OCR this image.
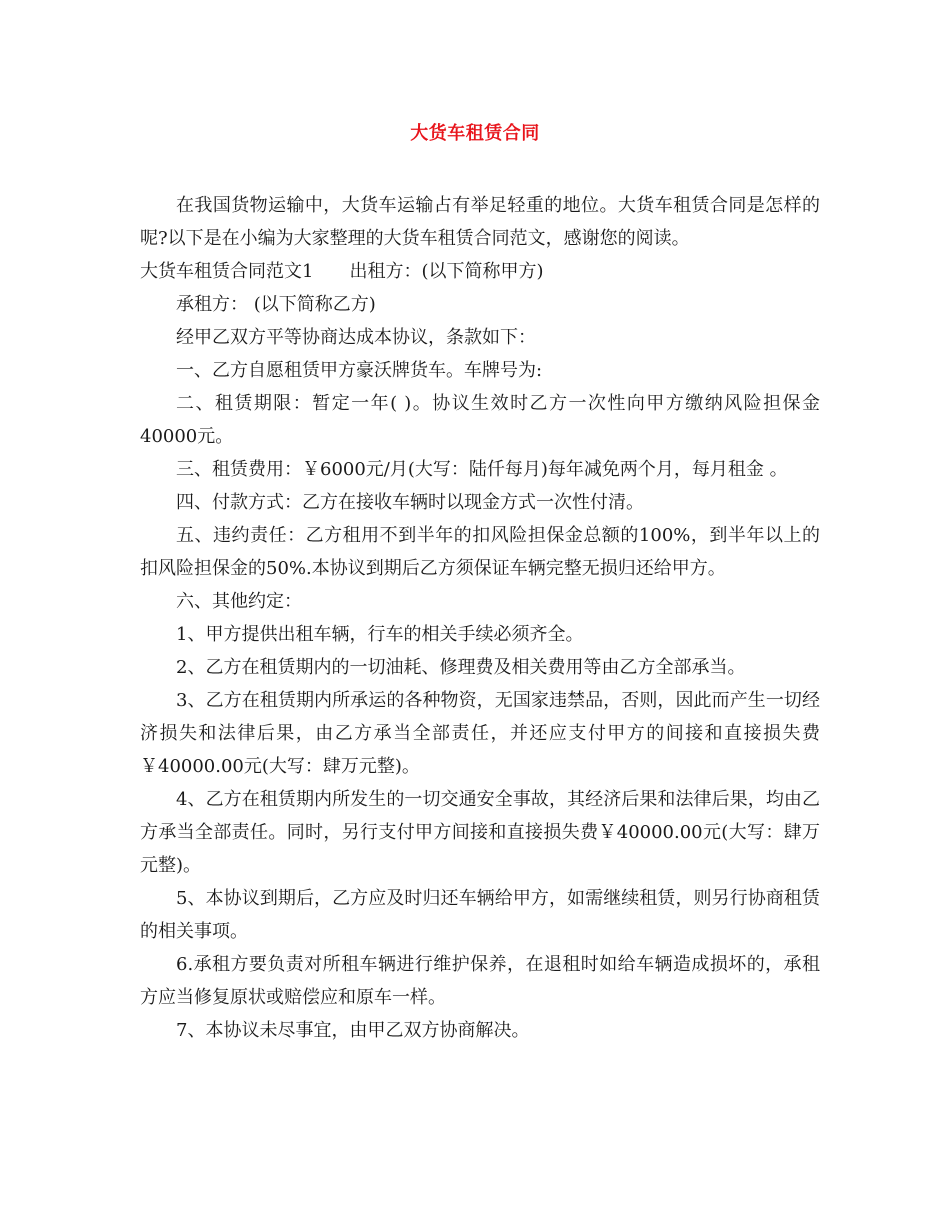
大货车租赁合同

在我国货物运输中，大货车运输占有举足轻重的地位。大货车租赁合同是怎样的呢?以下是在小编为大家整理的大货车租赁合同范文，感谢您的阅读。

大货车租赁合同范文1 出租方：(以下简称甲方)

承租方： (以下简称乙方)

经甲乙双方平等协商达成本协议，条款如下：

一、乙方自愿租赁甲方豪沃牌货车。车牌号为:

二、租赁期限：暂定一年( )。协议生效时乙方一次性向甲方缴纳风险担保金40000元。

三、租赁费用：￥6000元/月(大写：陆仟每月)每年减免两个月，每月租金 。

四、付款方式：乙方在接收车辆时以现金方式一次性付清。

五、违约责任：乙方租用不到半年的扣风险担保金总额的100%，到半年以上的扣风险担保金的50%.本协议到期后乙方须保证车辆完整无损归还给甲方。

六、其他约定：

1、甲方提供出租车辆，行车的相关手续必须齐全。

2、乙方在租赁期内的一切油耗、修理费及相关费用等由乙方全部承当。

3、乙方在租赁期内所承运的各种物资，无国家违禁品，否则，因此而产生一切经济损失和法律后果，由乙方承当全部责任，并还应支付甲方的间接和直接损失费￥40000.00元(大写：肆万元整)。

4、乙方在租赁期内所发生的一切交通安全事故，其经济后果和法律后果，均由乙方承当全部责任。同时，另行支付甲方间接和直接损失费￥40000.00元(大写：肆万元整)。

5、本协议到期后，乙方应及时归还车辆给甲方，如需继续租赁，则另行协商租赁的相关事项。

6.承租方要负责对所租车辆进行维护保养，在退租时如给车辆造成损坏的，承租方应当修复原状或赔偿应和原车一样。

7、本协议未尽事宜，由甲乙双方协商解决。
